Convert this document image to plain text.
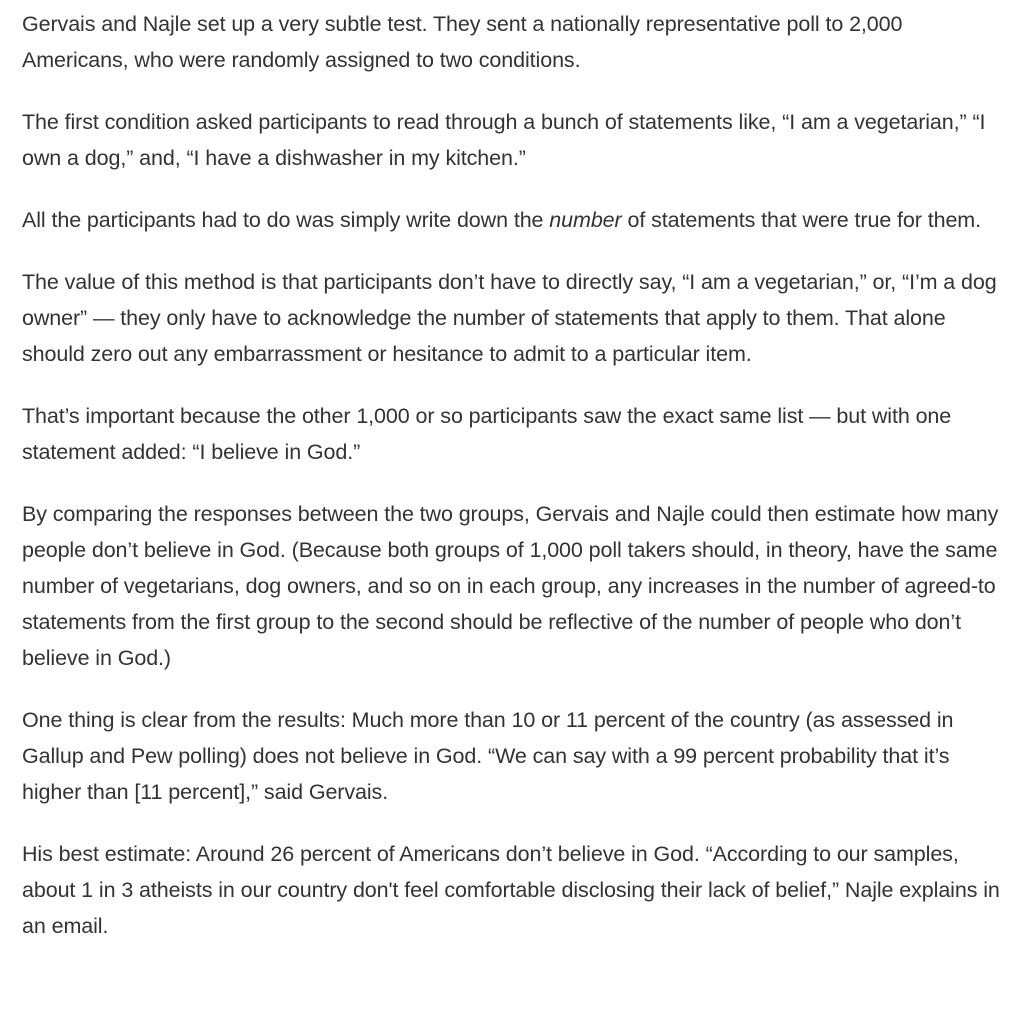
Gervais and Najle set up a very subtle test. They sent a nationally representative poll to 2,000 Americans, who were randomly assigned to two conditions.

The first condition asked participants to read through a bunch of statements like, “I am a vegetarian,” “I own a dog,” and, “I have a dishwasher in my kitchen.”

All the participants had to do was simply write down the number of statements that were true for them.

The value of this method is that participants don’t have to directly say, “I am a vegetarian,” or, “I’m a dog owner” — they only have to acknowledge the number of statements that apply to them. That alone should zero out any embarrassment or hesitance to admit to a particular item.

That’s important because the other 1,000 or so participants saw the exact same list — but with one statement added: “I believe in God.”

By comparing the responses between the two groups, Gervais and Najle could then estimate how many people don’t believe in God. (Because both groups of 1,000 poll takers should, in theory, have the same number of vegetarians, dog owners, and so on in each group, any increases in the number of agreed-to statements from the first group to the second should be reflective of the number of people who don’t believe in God.)

One thing is clear from the results: Much more than 10 or 11 percent of the country (as assessed in Gallup and Pew polling) does not believe in God. “We can say with a 99 percent probability that it’s higher than [11 percent],” said Gervais.

His best estimate: Around 26 percent of Americans don’t believe in God. “According to our samples, about 1 in 3 atheists in our country don't feel comfortable disclosing their lack of belief,” Najle explains in an email.
